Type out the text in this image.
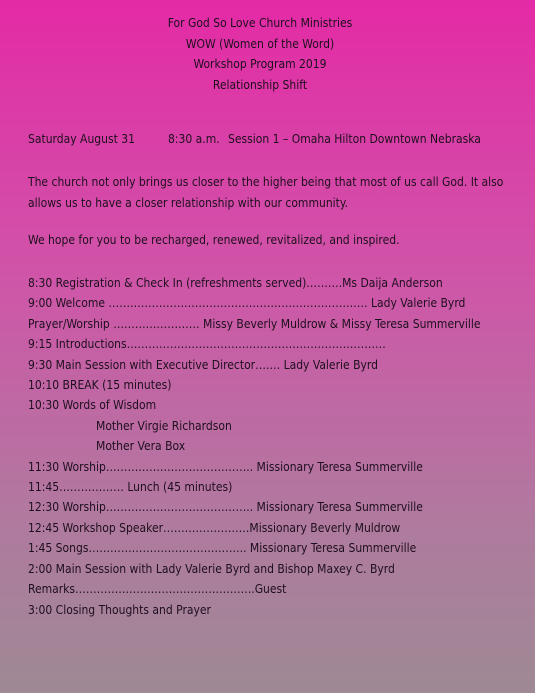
For God So Love Church Ministries
WOW (Women of the Word)
Workshop Program 2019
Relationship Shift
Saturday August 31	8:30 a.m. Session 1 – Omaha Hilton Downtown Nebraska
The church not only brings us closer to the higher being that most of us call God. It also allows us to have a closer relationship with our community.
We hope for you to be recharged, renewed, revitalized, and inspired.
8:30 Registration & Check In (refreshments served)……….Ms Daija Anderson
9:00 Welcome ……………………………………………………………… Lady Valerie Byrd
Prayer/Worship …………………… Missy Beverly Muldrow & Missy Teresa Summerville
9:15 Introductions………………………………………………………………
9:30 Main Session with Executive Director……. Lady Valerie Byrd
10:10 BREAK (15 minutes)
10:30 Words of Wisdom
Mother Virgie Richardson
Mother Vera Box
11:30 Worship………………………………….. Missionary Teresa Summerville
11:45……………… Lunch (45 minutes)
12:30 Worship………………………………….. Missionary Teresa Summerville
12:45 Workshop Speaker……………………Missionary Beverly Muldrow
1:45 Songs…………………………………….. Missionary Teresa Summerville
2:00 Main Session with Lady Valerie Byrd and Bishop Maxey C. Byrd
Remarks…………………………………………..Guest
3:00 Closing Thoughts and Prayer
